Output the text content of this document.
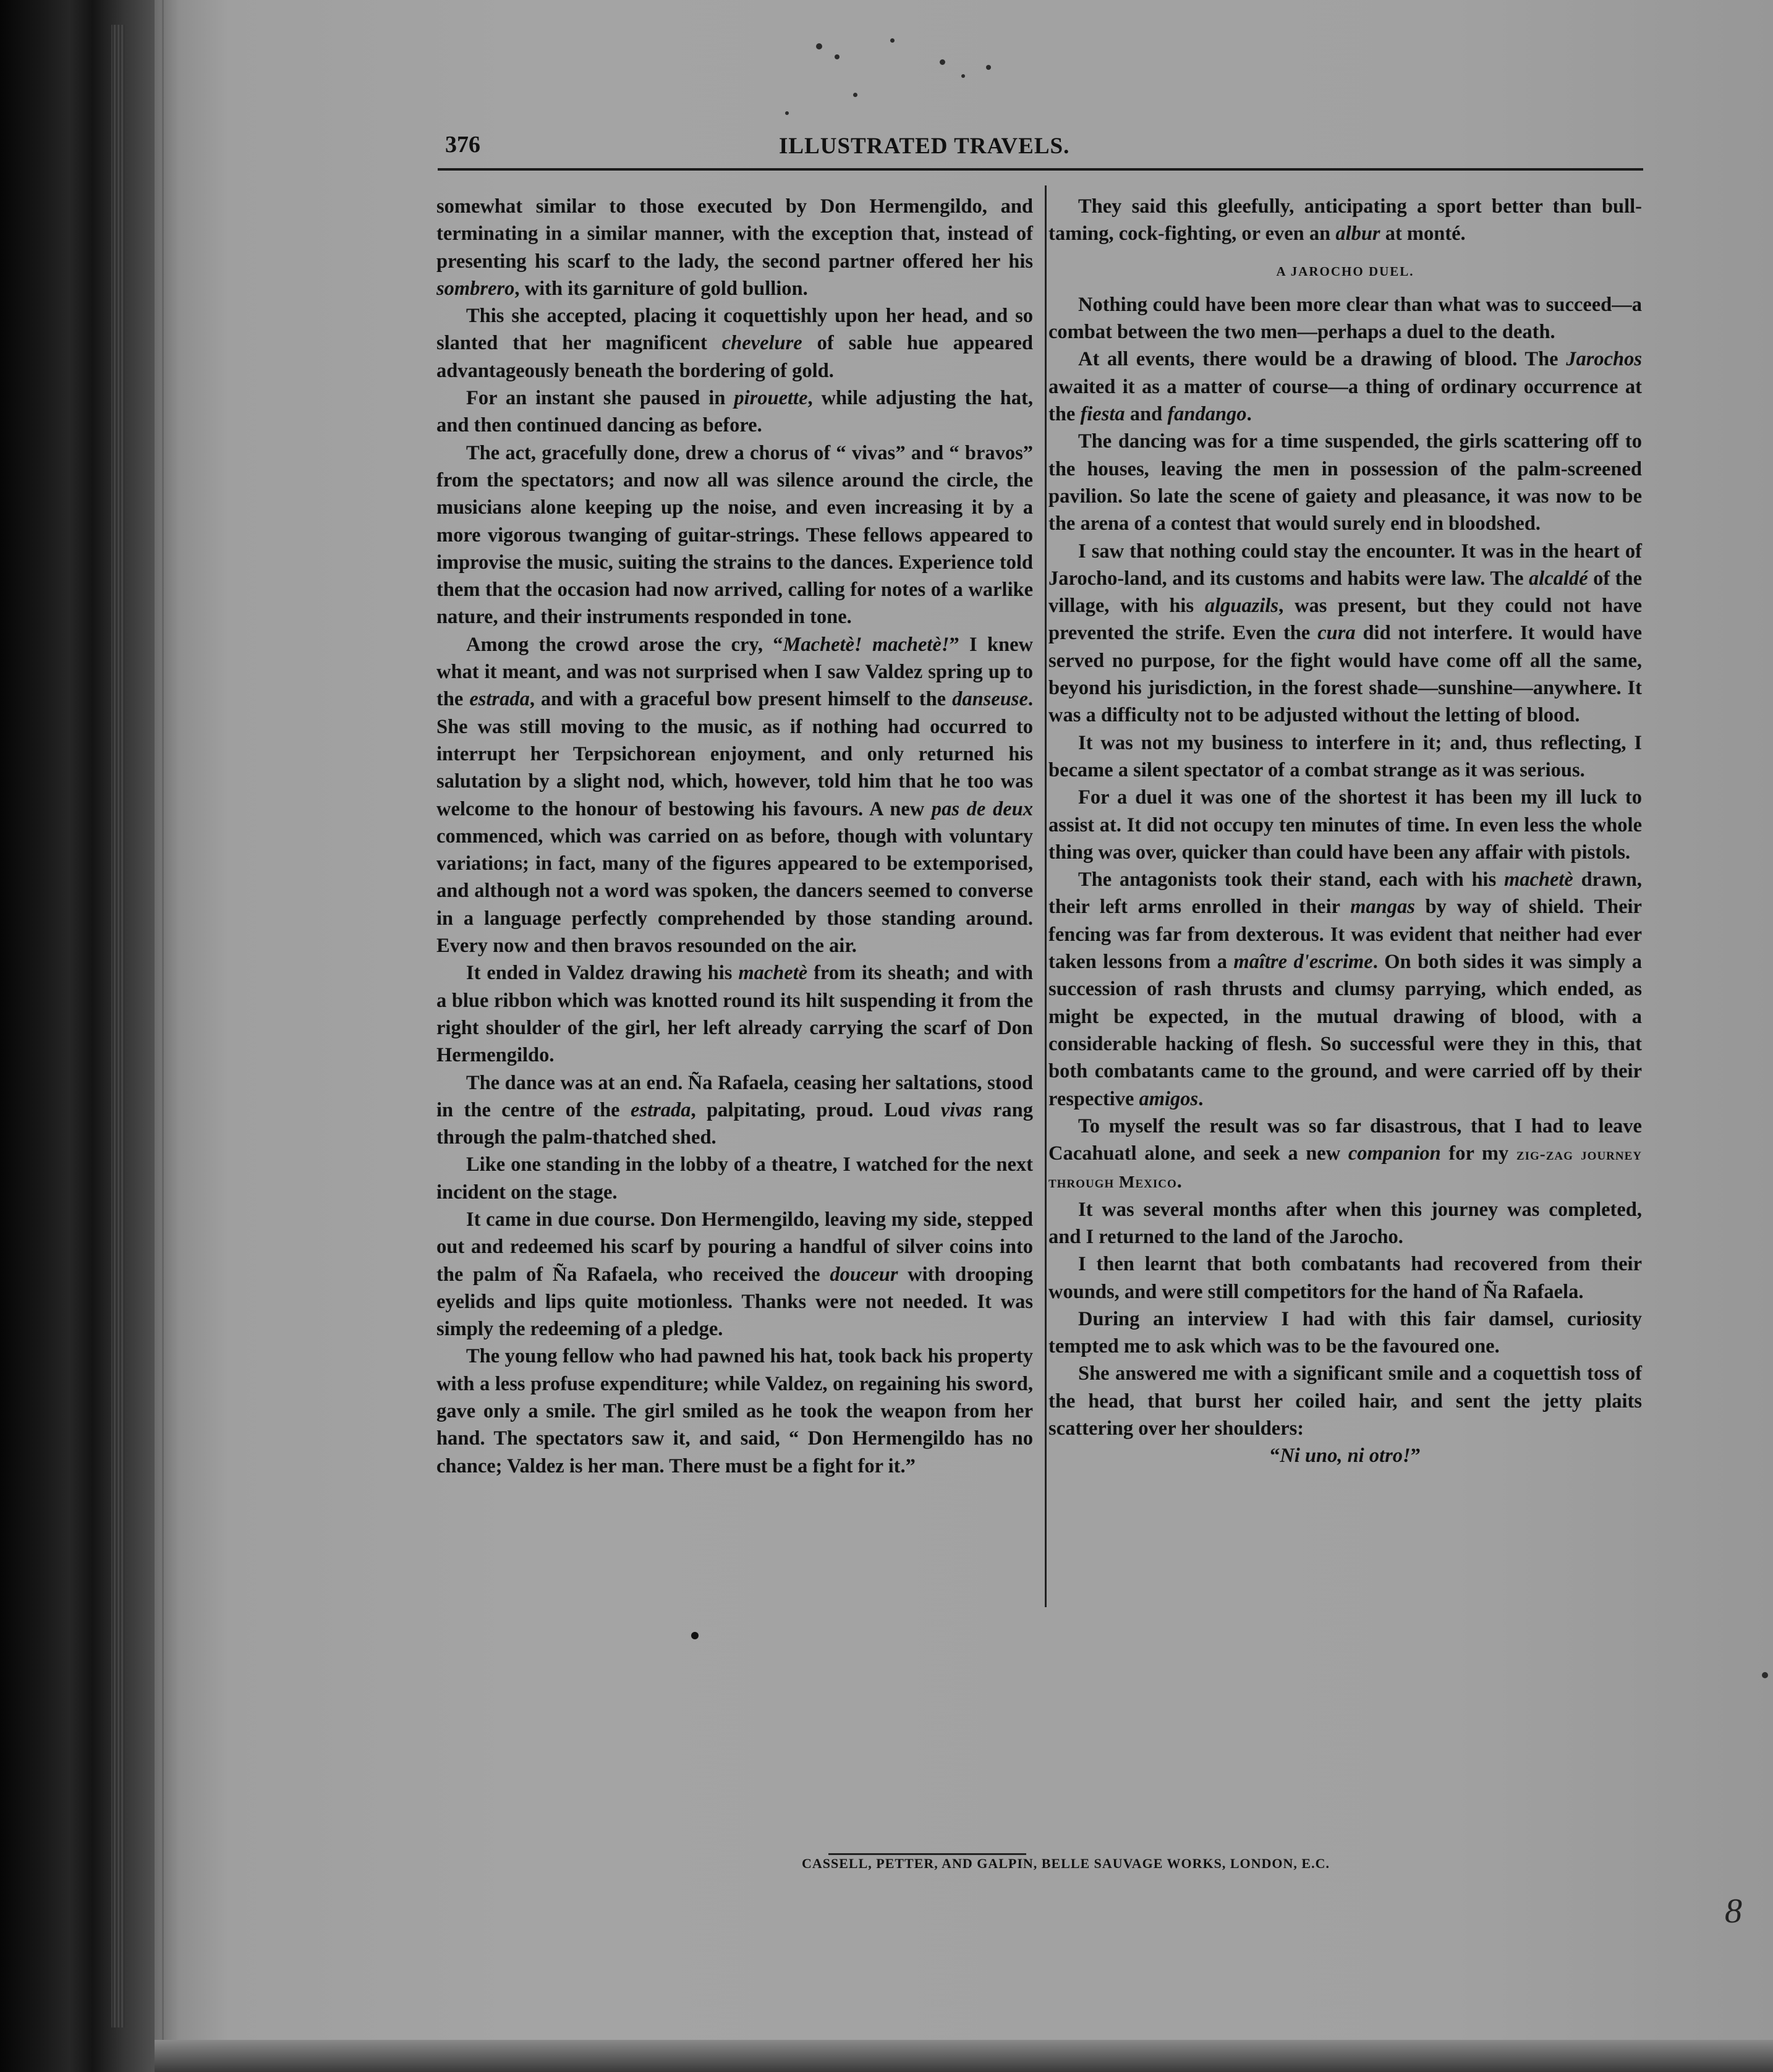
376	ILLUSTRATED TRAVELS.

somewhat similar to those executed by Don Hermengildo, and terminating in a similar manner, with the exception that, instead of presenting his scarf to the lady, the second partner offered her his sombrero, with its garniture of gold bullion.

This she accepted, placing it coquettishly upon her head, and so slanted that her magnificent chevelure of sable hue appeared advantageously beneath the bordering of gold.

For an instant she paused in pirouette, while adjusting the hat, and then continued dancing as before.

The act, gracefully done, drew a chorus of “ vivas” and “ bravos” from the spectators; and now all was silence around the circle, the musicians alone keeping up the noise, and even increasing it by a more vigorous twanging of guitar-strings. These fellows appeared to improvise the music, suiting the strains to the dances. Experience told them that the occasion had now arrived, calling for notes of a warlike nature, and their instruments responded in tone.

Among the crowd arose the cry, “Machetè! machetè!” I knew what it meant, and was not surprised when I saw Valdez spring up to the estrada, and with a graceful bow present himself to the danseuse. She was still moving to the music, as if nothing had occurred to interrupt her Terpsichorean enjoyment, and only returned his salutation by a slight nod, which, however, told him that he too was welcome to the honour of bestowing his favours. A new pas de deux commenced, which was carried on as before, though with voluntary variations; in fact, many of the figures appeared to be extemporised, and although not a word was spoken, the dancers seemed to converse in a language perfectly comprehended by those standing around. Every now and then bravos resounded on the air.

It ended in Valdez drawing his machetè from its sheath; and with a blue ribbon which was knotted round its hilt suspending it from the right shoulder of the girl, her left already carrying the scarf of Don Hermengildo.

The dance was at an end. Ña Rafaela, ceasing her saltations, stood in the centre of the estrada, palpitating, proud. Loud vivas rang through the palm-thatched shed.

Like one standing in the lobby of a theatre, I watched for the next incident on the stage.

It came in due course. Don Hermengildo, leaving my side, stepped out and redeemed his scarf by pouring a handful of silver coins into the palm of Ña Rafaela, who received the douceur with drooping eyelids and lips quite motionless. Thanks were not needed. It was simply the redeeming of a pledge.

The young fellow who had pawned his hat, took back his property with a less profuse expenditure; while Valdez, on regaining his sword, gave only a smile. The girl smiled as he took the weapon from her hand. The spectators saw it, and said, “ Don Hermengildo has no chance; Valdez is her man. There must be a fight for it.”

They said this gleefully, anticipating a sport better than bull-taming, cock-fighting, or even an albur at monté.

A JAROCHO DUEL.

Nothing could have been more clear than what was to succeed—a combat between the two men—perhaps a duel to the death.

At all events, there would be a drawing of blood. The Jarochos awaited it as a matter of course—a thing of ordinary occurrence at the fiesta and fandango.

The dancing was for a time suspended, the girls scattering off to the houses, leaving the men in possession of the palm-screened pavilion. So late the scene of gaiety and pleasance, it was now to be the arena of a contest that would surely end in bloodshed.

I saw that nothing could stay the encounter. It was in the heart of Jarocho-land, and its customs and habits were law. The alcaldé of the village, with his alguazils, was present, but they could not have prevented the strife. Even the cura did not interfere. It would have served no purpose, for the fight would have come off all the same, beyond his jurisdiction, in the forest shade—sunshine—anywhere. It was a difficulty not to be adjusted without the letting of blood.

It was not my business to interfere in it; and, thus reflecting, I became a silent spectator of a combat strange as it was serious.

For a duel it was one of the shortest it has been my ill luck to assist at. It did not occupy ten minutes of time. In even less the whole thing was over, quicker than could have been any affair with pistols.

The antagonists took their stand, each with his machetè drawn, their left arms enrolled in their mangas by way of shield. Their fencing was far from dexterous. It was evident that neither had ever taken lessons from a maître d'escrime. On both sides it was simply a succession of rash thrusts and clumsy parrying, which ended, as might be expected, in the mutual drawing of blood, with a considerable hacking of flesh. So successful were they in this, that both combatants came to the ground, and were carried off by their respective amigos.

To myself the result was so far disastrous, that I had to leave Cacahuatl alone, and seek a new companion for my zig-zag journey through Mexico.

It was several months after when this journey was completed, and I returned to the land of the Jarocho.

I then learnt that both combatants had recovered from their wounds, and were still competitors for the hand of Ña Rafaela.

During an interview I had with this fair damsel, curiosity tempted me to ask which was to be the favoured one.

She answered me with a significant smile and a coquettish toss of the head, that burst her coiled hair, and sent the jetty plaits scattering over her shoulders:

“Ni uno, ni otro!”

CASSELL, PETTER, AND GALPIN, BELLE SAUVAGE WORKS, LONDON, E.C.
8
